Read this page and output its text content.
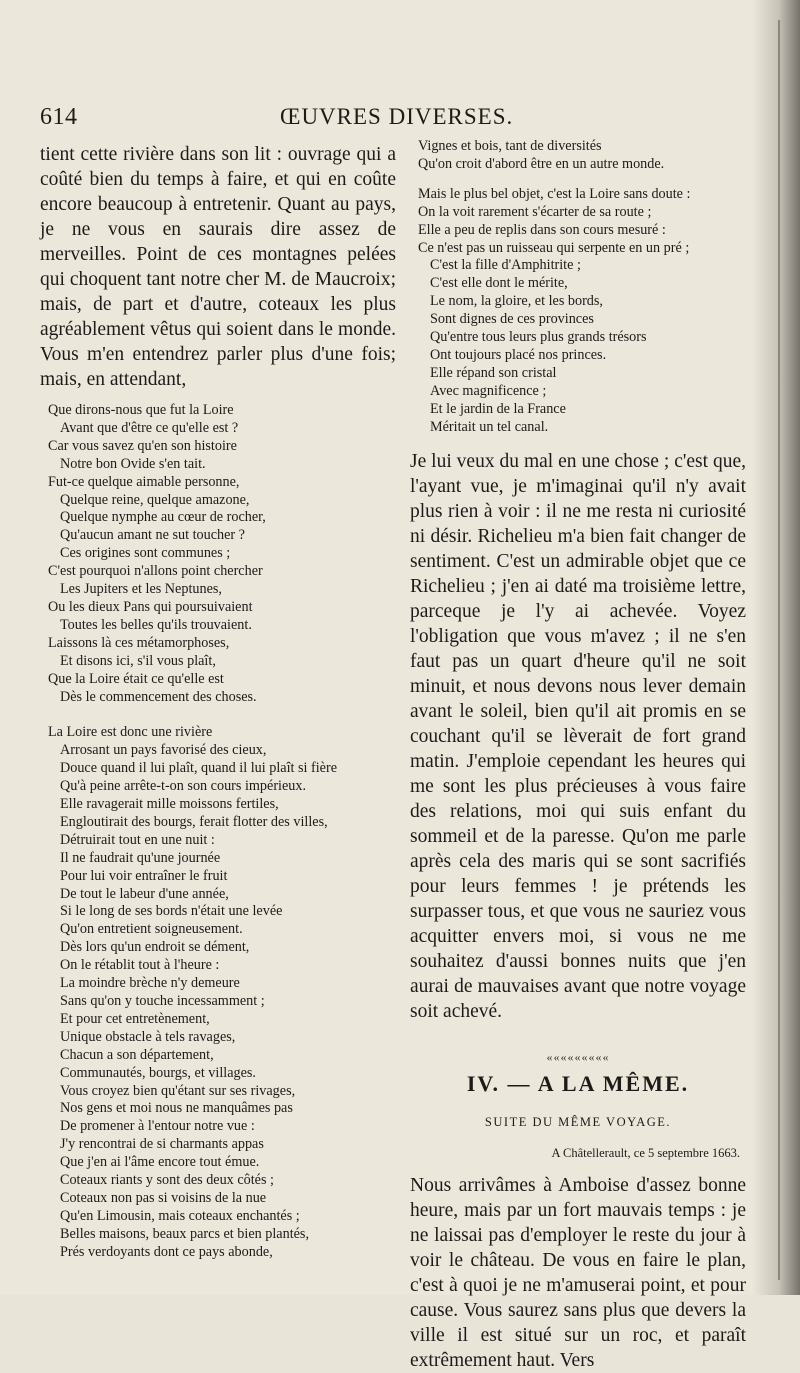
614	ŒUVRES DIVERSES.

tient cette rivière dans son lit : ouvrage qui a coûté bien du temps à faire, et qui en coûte encore beaucoup à entretenir. Quant au pays, je ne vous en saurais dire assez de merveilles. Point de ces montagnes pelées qui choquent tant notre cher M. de Maucroix; mais, de part et d'autre, coteaux les plus agréablement vêtus qui soient dans le monde. Vous m'en entendrez parler plus d'une fois; mais, en attendant,

Que dirons-nous que fut la Loire
Avant que d'être ce qu'elle est ?
Car vous savez qu'en son histoire
Notre bon Ovide s'en tait.
Fut-ce quelque aimable personne,
Quelque reine, quelque amazone,
Quelque nymphe au cœur de rocher,
Qu'aucun amant ne sut toucher ?
Ces origines sont communes ;
C'est pourquoi n'allons point chercher
Les Jupiters et les Neptunes,
Ou les dieux Pans qui poursuivaient
Toutes les belles qu'ils trouvaient.
Laissons là ces métamorphoses,
Et disons ici, s'il vous plaît,
Que la Loire était ce qu'elle est
Dès le commencement des choses.
La Loire est donc une rivière
Arrosant un pays favorisé des cieux,
Douce quand il lui plaît, quand il lui plaît si fière
Qu'à peine arrête-t-on son cours impérieux.
Elle ravagerait mille moissons fertiles,
Engloutirait des bourgs, ferait flotter des villes,
Détruirait tout en une nuit :
Il ne faudrait qu'une journée
Pour lui voir entraîner le fruit
De tout le labeur d'une année,
Si le long de ses bords n'était une levée
Qu'on entretient soigneusement.
Dès lors qu'un endroit se dément,
On le rétablit tout à l'heure :
La moindre brèche n'y demeure
Sans qu'on y touche incessamment ;
Et pour cet entretènement,
Unique obstacle à tels ravages,
Chacun a son département,
Communautés, bourgs, et villages.
Vous croyez bien qu'étant sur ses rivages,
Nos gens et moi nous ne manquâmes pas
De promener à l'entour notre vue :
J'y rencontrai de si charmants appas
Que j'en ai l'âme encore tout émue.
Coteaux riants y sont des deux côtés ;
Coteaux non pas si voisins de la nue
Qu'en Limousin, mais coteaux enchantés ;
Belles maisons, beaux parcs et bien plantés,
Prés verdoyants dont ce pays abonde,
Vignes et bois, tant de diversités
Qu'on croit d'abord être en un autre monde.
Mais le plus bel objet, c'est la Loire sans doute :
On la voit rarement s'écarter de sa route ;
Elle a peu de replis dans son cours mesuré :
Ce n'est pas un ruisseau qui serpente en un pré ;
C'est la fille d'Amphitrite ;
C'est elle dont le mérite,
Le nom, la gloire, et les bords,
Sont dignes de ces provinces
Qu'entre tous leurs plus grands trésors
Ont toujours placé nos princes.
Elle répand son cristal
Avec magnificence ;
Et le jardin de la France
Méritait un tel canal.

Je lui veux du mal en une chose ; c'est que, l'ayant vue, je m'imaginai qu'il n'y avait plus rien à voir : il ne me resta ni curiosité ni désir. Richelieu m'a bien fait changer de sentiment. C'est un admirable objet que ce Richelieu ; j'en ai daté ma troisième lettre, parceque je l'y ai achevée. Voyez l'obligation que vous m'avez ; il ne s'en faut pas un quart d'heure qu'il ne soit minuit, et nous devons nous lever demain avant le soleil, bien qu'il ait promis en se couchant qu'il se lèverait de fort grand matin. J'emploie cependant les heures qui me sont les plus précieuses à vous faire des relations, moi qui suis enfant du sommeil et de la paresse. Qu'on me parle après cela des maris qui se sont sacrifiés pour leurs femmes ! je prétends les surpasser tous, et que vous ne sauriez vous acquitter envers moi, si vous ne me souhaitez d'aussi bonnes nuits que j'en aurai de mauvaises avant que notre voyage soit achevé.

«««««««««
IV. — A LA MÊME.
SUITE DU MÊME VOYAGE.
A Châtellerault, ce 5 septembre 1663.

Nous arrivâmes à Amboise d'assez bonne heure, mais par un fort mauvais temps : je ne laissai pas d'employer le reste du jour à voir le château. De vous en faire le plan, c'est à quoi je ne m'amuserai point, et pour cause. Vous saurez sans plus que devers la ville il est situé sur un roc, et paraît extrêmement haut. Vers
